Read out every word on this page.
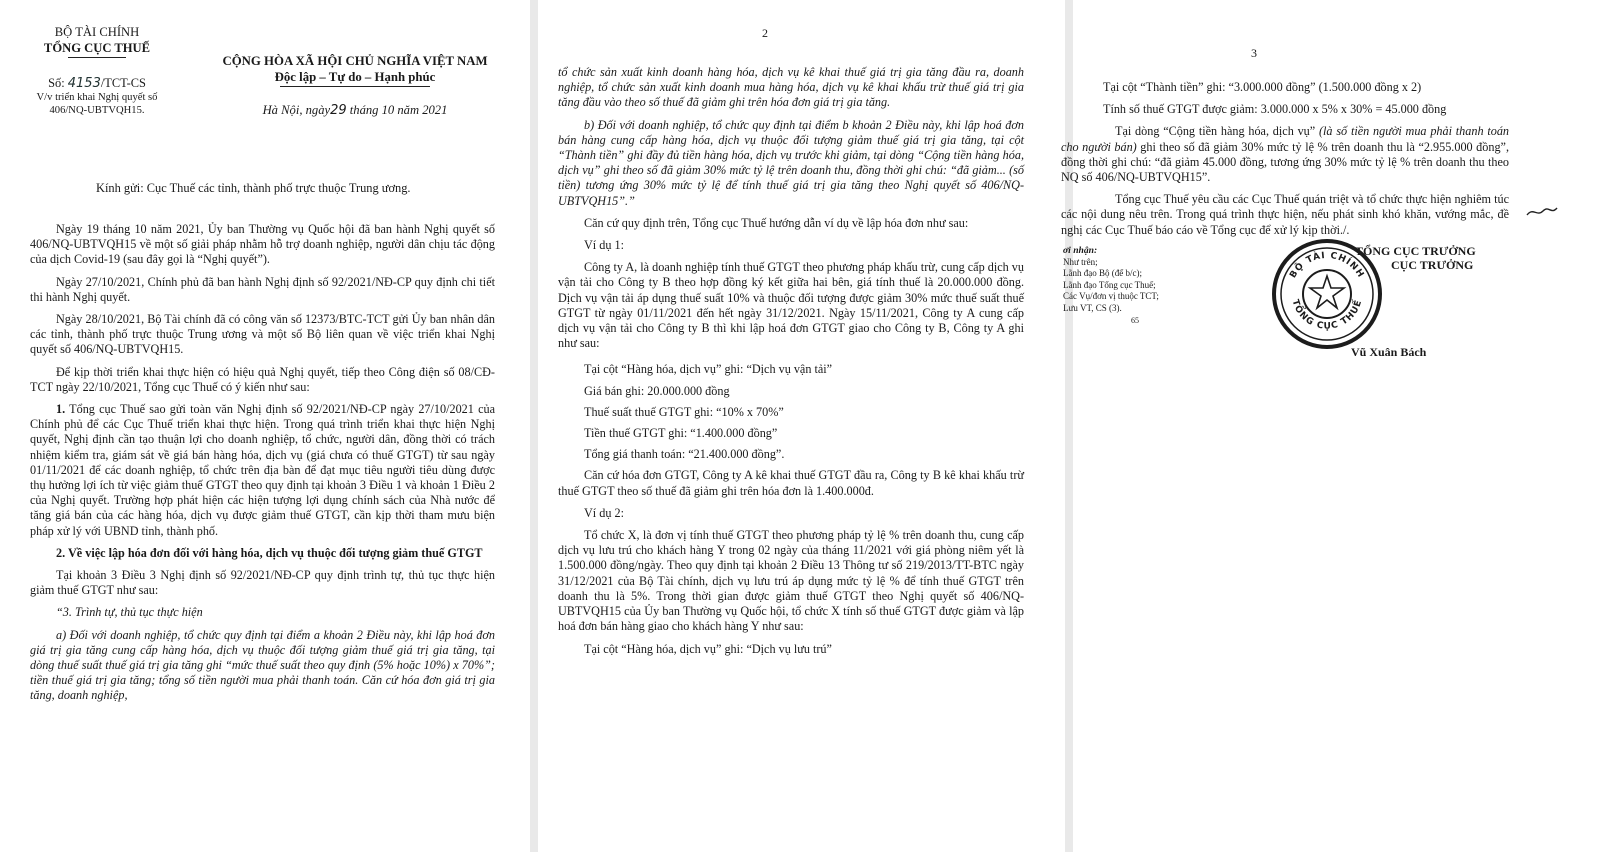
BỘ TÀI CHÍNH
TỔNG CỤC THUẾ
Số: 4153/TCT-CS
V/v triển khai Nghị quyết số
406/NQ-UBTVQH15.
CỘNG HÒA XÃ HỘI CHỦ NGHĨA VIỆT NAM
Độc lập – Tự do – Hạnh phúc
Hà Nội, ngày29 tháng 10 năm 2021
Kính gửi: Cục Thuế các tỉnh, thành phố trực thuộc Trung ương.

Ngày 19 tháng 10 năm 2021, Ủy ban Thường vụ Quốc hội đã ban hành Nghị quyết số 406/NQ-UBTVQH15 về một số giải pháp nhằm hỗ trợ doanh nghiệp, người dân chịu tác động của dịch Covid-19 (sau đây gọi là “Nghị quyết”).

Ngày 27/10/2021, Chính phủ đã ban hành Nghị định số 92/2021/NĐ-CP quy định chi tiết thi hành Nghị quyết.

Ngày 28/10/2021, Bộ Tài chính đã có công văn số 12373/BTC-TCT gửi Ủy ban nhân dân các tỉnh, thành phố trực thuộc Trung ương và một số Bộ liên quan về việc triển khai Nghị quyết số 406/NQ-UBTVQH15.

Để kịp thời triển khai thực hiện có hiệu quả Nghị quyết, tiếp theo Công điện số 08/CĐ-TCT ngày 22/10/2021, Tổng cục Thuế có ý kiến như sau:

1. Tổng cục Thuế sao gửi toàn văn Nghị định số 92/2021/NĐ-CP ngày 27/10/2021 của Chính phủ để các Cục Thuế triển khai thực hiện. Trong quá trình triển khai thực hiện Nghị quyết, Nghị định cần tạo thuận lợi cho doanh nghiệp, tổ chức, người dân, đồng thời có trách nhiệm kiểm tra, giám sát về giá bán hàng hóa, dịch vụ (giá chưa có thuế GTGT) từ sau ngày 01/11/2021 để các doanh nghiệp, tổ chức trên địa bàn để đạt mục tiêu người tiêu dùng được thụ hưởng lợi ích từ việc giảm thuế GTGT theo quy định tại khoản 3 Điều 1 và khoản 1 Điều 2 của Nghị quyết. Trường hợp phát hiện các hiện tượng lợi dụng chính sách của Nhà nước để tăng giá bán của các hàng hóa, dịch vụ được giảm thuế GTGT, cần kịp thời tham mưu biện pháp xử lý với UBND tỉnh, thành phố.

2. Về việc lập hóa đơn đối với hàng hóa, dịch vụ thuộc đối tượng giảm thuế GTGT

Tại khoản 3 Điều 3 Nghị định số 92/2021/NĐ-CP quy định trình tự, thủ tục thực hiện giảm thuế GTGT như sau:

“3. Trình tự, thủ tục thực hiện

a) Đối với doanh nghiệp, tổ chức quy định tại điểm a khoản 2 Điều này, khi lập hoá đơn giá trị gia tăng cung cấp hàng hóa, dịch vụ thuộc đối tượng giảm thuế giá trị gia tăng, tại dòng thuế suất thuế giá trị gia tăng ghi “mức thuế suất theo quy định (5% hoặc 10%) x 70%”; tiền thuế giá trị gia tăng; tổng số tiền người mua phải thanh toán. Căn cứ hóa đơn giá trị gia tăng, doanh nghiệp,

2

tổ chức sản xuất kinh doanh hàng hóa, dịch vụ kê khai thuế giá trị gia tăng đầu ra, doanh nghiệp, tổ chức sản xuất kinh doanh mua hàng hóa, dịch vụ kê khai khấu trừ thuế giá trị gia tăng đầu vào theo số thuế đã giảm ghi trên hóa đơn giá trị gia tăng.

b) Đối với doanh nghiệp, tổ chức quy định tại điểm b khoản 2 Điều này, khi lập hoá đơn bán hàng cung cấp hàng hóa, dịch vụ thuộc đối tượng giảm thuế giá trị gia tăng, tại cột “Thành tiền” ghi đầy đủ tiền hàng hóa, dịch vụ trước khi giảm, tại dòng “Cộng tiền hàng hóa, dịch vụ” ghi theo số đã giảm 30% mức tỷ lệ trên doanh thu, đồng thời ghi chú: “đã giảm... (số tiền) tương ứng 30% mức tỷ lệ để tính thuế giá trị gia tăng theo Nghị quyết số 406/NQ-UBTVQH15”.”

Căn cứ quy định trên, Tổng cục Thuế hướng dẫn ví dụ về lập hóa đơn như sau:

Ví dụ 1:

Công ty A, là doanh nghiệp tính thuế GTGT theo phương pháp khấu trừ, cung cấp dịch vụ vận tải cho Công ty B theo hợp đồng ký kết giữa hai bên, giá tính thuế là 20.000.000 đồng. Dịch vụ vận tải áp dụng thuế suất 10% và thuộc đối tượng được giảm 30% mức thuế suất thuế GTGT từ ngày 01/11/2021 đến hết ngày 31/12/2021. Ngày 15/11/2021, Công ty A cung cấp dịch vụ vận tải cho Công ty B thì khi lập hoá đơn GTGT giao cho Công ty B, Công ty A ghi như sau:

Tại cột “Hàng hóa, dịch vụ” ghi: “Dịch vụ vận tải”

Giá bán ghi: 20.000.000 đồng

Thuế suất thuế GTGT ghi: “10% x 70%”

Tiền thuế GTGT ghi: “1.400.000 đồng”

Tổng giá thanh toán: “21.400.000 đồng”.

Căn cứ hóa đơn GTGT, Công ty A kê khai thuế GTGT đầu ra, Công ty B kê khai khấu trừ thuế GTGT theo số thuế đã giảm ghi trên hóa đơn là 1.400.000đ.

Ví dụ 2:

Tổ chức X, là đơn vị tính thuế GTGT theo phương pháp tỷ lệ % trên doanh thu, cung cấp dịch vụ lưu trú cho khách hàng Y trong 02 ngày của tháng 11/2021 với giá phòng niêm yết là 1.500.000 đồng/ngày. Theo quy định tại khoản 2 Điều 13 Thông tư số 219/2013/TT-BTC ngày 31/12/2021 của Bộ Tài chính, dịch vụ lưu trú áp dụng mức tỷ lệ % để tính thuế GTGT trên doanh thu là 5%. Trong thời gian được giảm thuế GTGT theo Nghị quyết số 406/NQ-UBTVQH15 của Ủy ban Thường vụ Quốc hội, tổ chức X tính số thuế GTGT được giảm và lập hoá đơn bán hàng giao cho khách hàng Y như sau:

Tại cột “Hàng hóa, dịch vụ” ghi: “Dịch vụ lưu trú”

3

Tại cột “Thành tiền” ghi: “3.000.000 đồng” (1.500.000 đồng x 2)

Tính số thuế GTGT được giảm: 3.000.000 x 5% x 30% = 45.000 đồng

Tại dòng “Cộng tiền hàng hóa, dịch vụ” (là số tiền người mua phải thanh toán cho người bán) ghi theo số đã giảm 30% mức tỷ lệ % trên doanh thu là “2.955.000 đồng”, đồng thời ghi chú: “đã giảm 45.000 đồng, tương ứng 30% mức tỷ lệ % trên doanh thu theo NQ số 406/NQ-UBTVQH15”.

Tổng cục Thuế yêu cầu các Cục Thuế quán triệt và tổ chức thực hiện nghiêm túc các nội dung nêu trên. Trong quá trình thực hiện, nếu phát sinh khó khăn, vướng mắc, đề nghị các Cục Thuế báo cáo về Tổng cục để xử lý kịp thời./.

ơi nhận:
Như trên;
Lãnh đạo Bộ (để b/c);
Lãnh đạo Tổng cục Thuế;
Các Vụ/đơn vị thuộc TCT;
Lưu VT, CS (3).
65
TỔNG CỤC TRƯỞNG
CỤC TRƯỞNG
BỘ TÀI CHÍNH
TỔNG CỤC THUẾ
Vũ Xuân Bách
